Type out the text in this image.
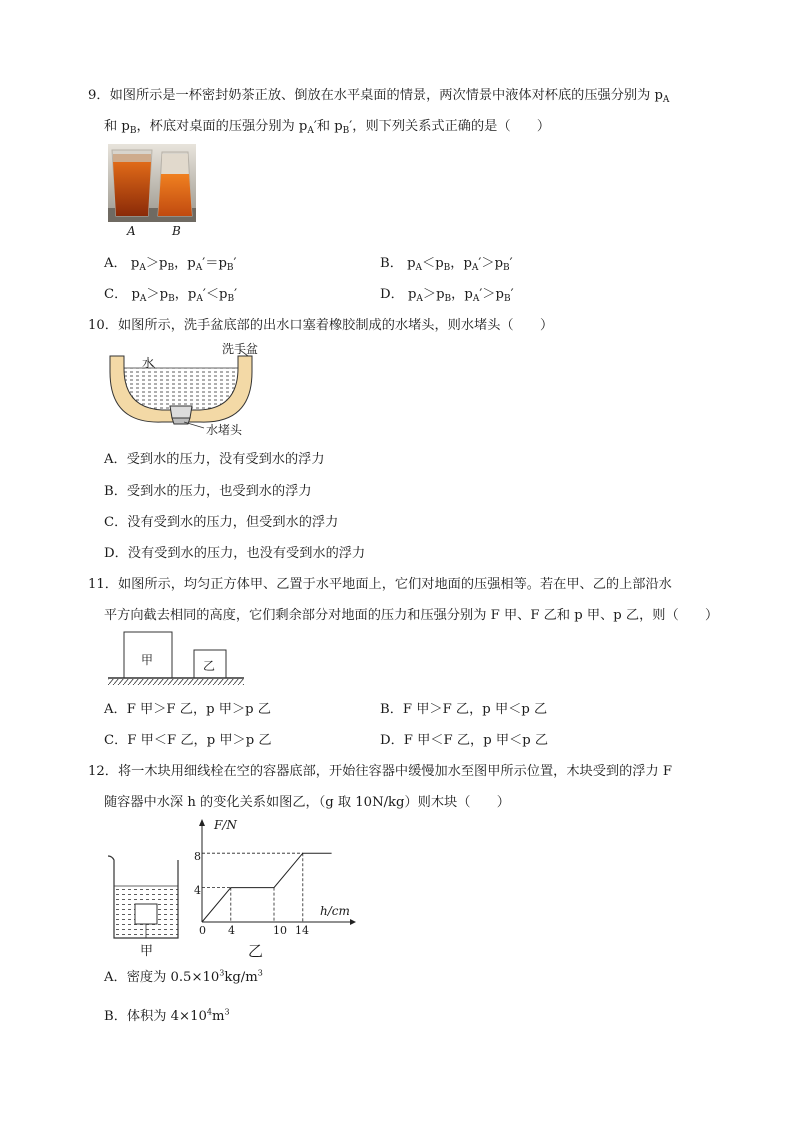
9．如图所示是一杯密封奶茶正放、倒放在水平桌面的情景，两次情景中液体对杯底的压强分别为 $p_A$
和 $p_B$，杯底对桌面的压强分别为 $p_A'$和 $p_B'$，则下列关系式正确的是（　　）
A	B
A． $p_A>p_B$，$p_A'=p_B'$	B． $p_A<p_B$，$p_A'>p_B'$
C． $p_A>p_B$，$p_A'<p_B'$	D． $p_A>p_B$，$p_A'>p_B'$
10．如图所示，洗手盆底部的出水口塞着橡胶制成的水堵头，则水堵头（　　）
水
洗手盆
水堵头
A．受到水的压力，没有受到水的浮力
B．受到水的压力，也受到水的浮力
C．没有受到水的压力，但受到水的浮力
D．没有受到水的压力，也没有受到水的浮力
11．如图所示，均匀正方体甲、乙置于水平地面上，它们对地面的压强相等。若在甲、乙的上部沿水
平方向截去相同的高度，它们剩余部分对地面的压力和压强分别为 F 甲、F 乙和 p 甲、p 乙，则（　　）
甲	乙
A．F 甲＞F 乙，p 甲＞p 乙	B．F 甲＞F 乙，p 甲＜p 乙
C．F 甲＜F 乙，p 甲＞p 乙	D．F 甲＜F 乙，p 甲＜p 乙
12．将一木块用细线栓在空的容器底部，开始往容器中缓慢加水至图甲所示位置，木块受到的浮力 F
随容器中水深 h 的变化关系如图乙，（g 取 10N/kg）则木块（　　）
甲
F/N
h/cm
0
4
8
4	10 14
乙
A．密度为 $0.5\times 10^3kg/m^3$
B．体积为 $4\times 10^4m^3$
